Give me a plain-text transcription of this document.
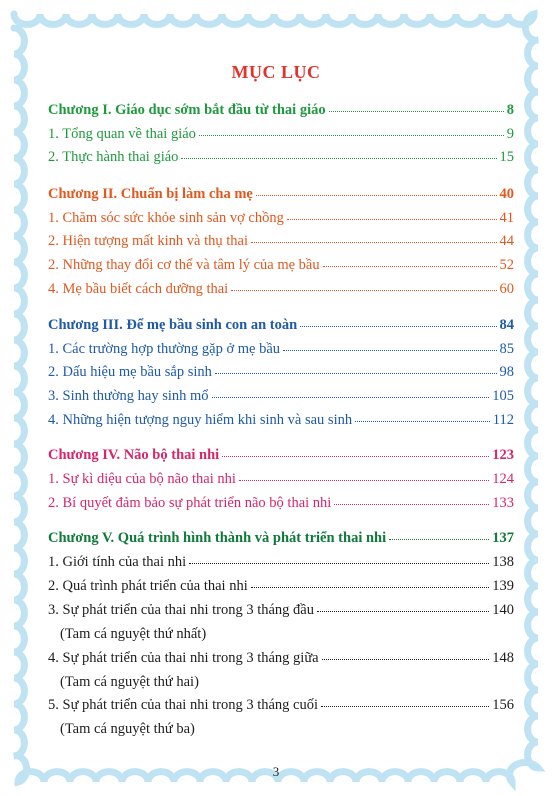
MỤC LỤC
Chương I. Giáo dục sớm bắt đầu từ thai giáo	8
1. Tổng quan về thai giáo	9
2. Thực hành thai giáo	15
Chương II. Chuẩn bị làm cha mẹ	40
1. Chăm sóc sức khỏe sinh sản vợ chồng	41
2. Hiện tượng mất kinh và thụ thai	44
2. Những thay đổi cơ thể và tâm lý của mẹ bầu	52
4. Mẹ bầu biết cách dưỡng thai	60
Chương III. Để mẹ bầu sinh con an toàn	84
1. Các trường hợp thường gặp ở mẹ bầu	85
2. Dấu hiệu mẹ bầu sắp sinh	98
3. Sinh thường hay sinh mổ	105
4. Những hiện tượng nguy hiểm khi sinh và sau sinh	112
Chương IV. Não bộ thai nhi	123
1. Sự kì diệu của bộ não thai nhi	124
2. Bí quyết đảm bảo sự phát triển não bộ thai nhi	133
Chương V. Quá trình hình thành và phát triển thai nhi	137
1. Giới tính của thai nhi	138
2. Quá trình phát triển của thai nhi	139
3. Sự phát triển của thai nhi trong 3 tháng đầu	140
(Tam cá nguyệt thứ nhất)
4. Sự phát triển của thai nhi trong 3 tháng giữa	148
(Tam cá nguyệt thứ hai)
5. Sự phát triển của thai nhi trong 3 tháng cuối	156
(Tam cá nguyệt thứ ba)
3
